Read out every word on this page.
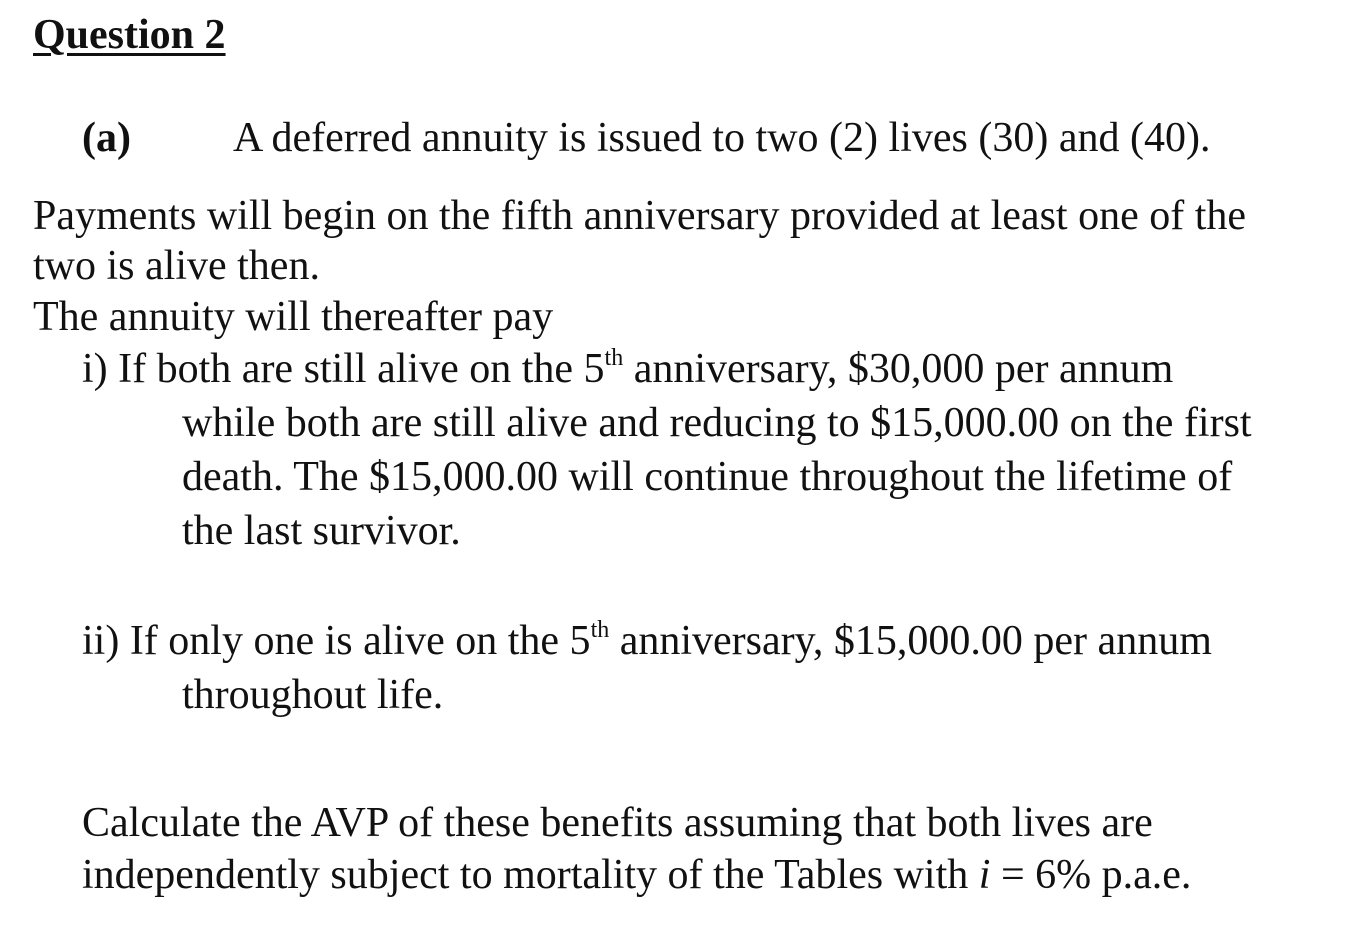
Question 2
(a) A deferred annuity is issued to two (2) lives (30) and (40).
Payments will begin on the fifth anniversary provided at least one of the
two is alive then.
The annuity will thereafter pay
i) If both are still alive on the 5th anniversary, $30,000 per annum
while both are still alive and reducing to $15,000.00 on the first
death. The $15,000.00 will continue throughout the lifetime of
the last survivor.
ii) If only one is alive on the 5th anniversary, $15,000.00 per annum
throughout life.
Calculate the AVP of these benefits assuming that both lives are
independently subject to mortality of the Tables with i = 6% p.a.e.
